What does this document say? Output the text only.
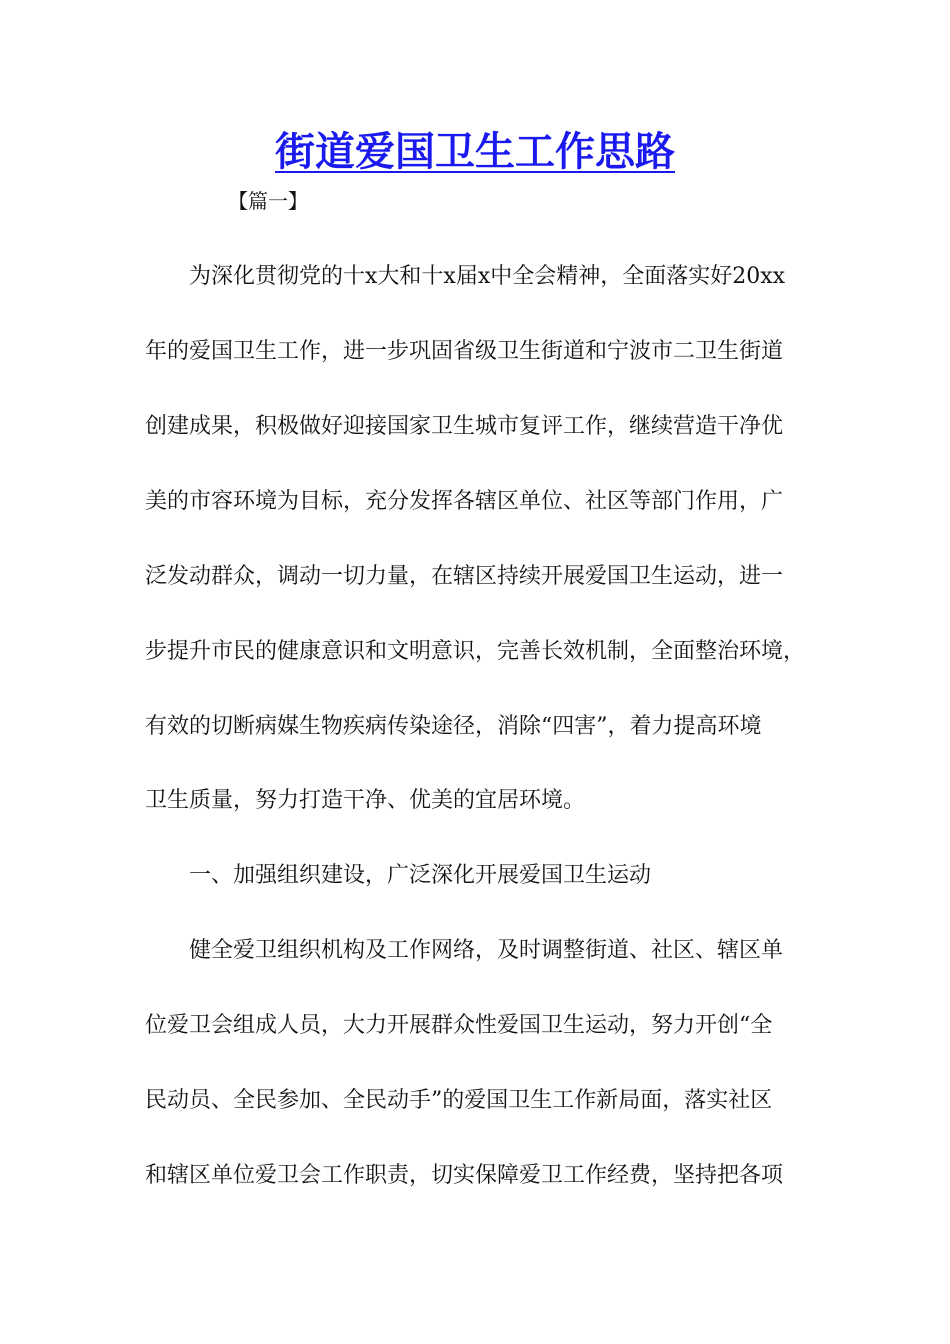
街道爱国卫生工作思路
【篇一】
　　为深化贯彻党的十x大和十x届x中全会精神，全面落实好20xx
年的爱国卫生工作，进一步巩固省级卫生街道和宁波市二卫生街道
创建成果，积极做好迎接国家卫生城市复评工作，继续营造干净优
美的市容环境为目标，充分发挥各辖区单位、社区等部门作用，广
泛发动群众，调动一切力量，在辖区持续开展爱国卫生运动，进一
步提升市民的健康意识和文明意识，完善长效机制，全面整治环境，
有效的切断病媒生物疾病传染途径，消除“四害”，着力提高环境
卫生质量，努力打造干净、优美的宜居环境。
　　一、加强组织建设，广泛深化开展爱国卫生运动
　　健全爱卫组织机构及工作网络，及时调整街道、社区、辖区单
位爱卫会组成人员，大力开展群众性爱国卫生运动，努力开创“全
民动员、全民参加、全民动手”的爱国卫生工作新局面，落实社区
和辖区单位爱卫会工作职责，切实保障爱卫工作经费，坚持把各项
